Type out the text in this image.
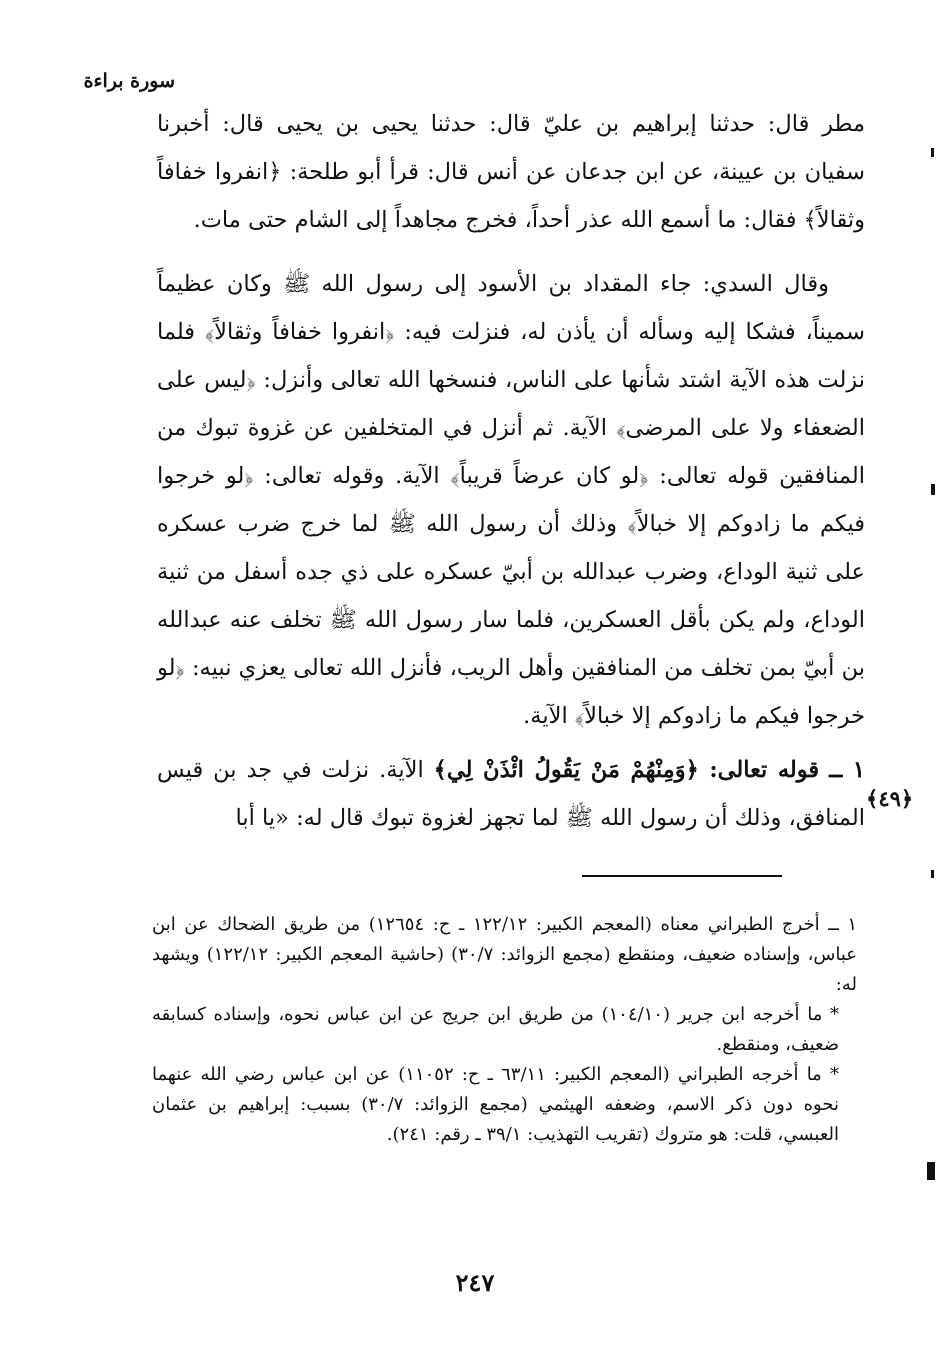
سورة براءة

مطر قال: حدثنا إبراهيم بن عليّ قال: حدثنا يحيى بن يحيى قال: أخبرنا سفيان بن عيينة، عن ابن جدعان عن أنس قال: قرأ أبو طلحة: ﴿انفروا خفافاً وثقالاً﴾ فقال: ما أسمع الله عذر أحداً، فخرج مجاهداً إلى الشام حتى مات.

وقال السدي: جاء المقداد بن الأسود إلى رسول الله ﷺ وكان عظيماً سميناً، فشكا إليه وسأله أن يأذن له، فنزلت فيه: ﴿انفروا خفافاً وثقالاً﴾ فلما نزلت هذه الآية اشتد شأنها على الناس، فنسخها الله تعالى وأنزل: ﴿ليس على الضعفاء ولا على المرضى﴾ الآية. ثم أنزل في المتخلفين عن غزوة تبوك من المنافقين قوله تعالى: ﴿لو كان عرضاً قريباً﴾ الآية. وقوله تعالى: ﴿لو خرجوا فيكم ما زادوكم إلا خبالاً﴾ وذلك أن رسول الله ﷺ لما خرج ضرب عسكره على ثنية الوداع، وضرب عبدالله بن أبيّ عسكره على ذي جده أسفل من ثنية الوداع، ولم يكن بأقل العسكرين، فلما سار رسول الله ﷺ تخلف عنه عبدالله بن أبيّ بمن تخلف من المنافقين وأهل الريب، فأنزل الله تعالى يعزي نبيه: ﴿لو خرجوا فيكم ما زادوكم إلا خبالاً﴾ الآية.

١ ــ قوله تعالى: ﴿وَمِنْهُمْ مَنْ يَقُولُ ائْذَنْ لِي﴾ الآية. نزلت في جد بن قيس المنافق، وذلك أن رسول الله ﷺ لما تجهز لغزوة تبوك قال له: «يا أبا

﴿٤٩﴾

١ ــ أخرج الطبراني معناه (المعجم الكبير: ١٢٢/١٢ ـ ح: ١٢٦٥٤) من طريق الضحاك عن ابن عباس، وإسناده ضعيف، ومنقطع (مجمع الزوائد: ٣٠/٧) (حاشية المعجم الكبير: ١٢٢/١٢) ويشهد له:

* ما أخرجه ابن جرير (١٠٤/١٠) من طريق ابن جريج عن ابن عباس نحوه، وإسناده كسابقه ضعيف، ومنقطع.

* ما أخرجه الطبراني (المعجم الكبير: ٦٣/١١ ـ ح: ١١٠٥٢) عن ابن عباس رضي الله عنهما نحوه دون ذكر الاسم، وضعفه الهيثمي (مجمع الزوائد: ٣٠/٧) بسبب: إبراهيم بن عثمان العبسي، قلت: هو متروك (تقريب التهذيب: ٣٩/١ ـ رقم: ٢٤١).

٢٤٧
